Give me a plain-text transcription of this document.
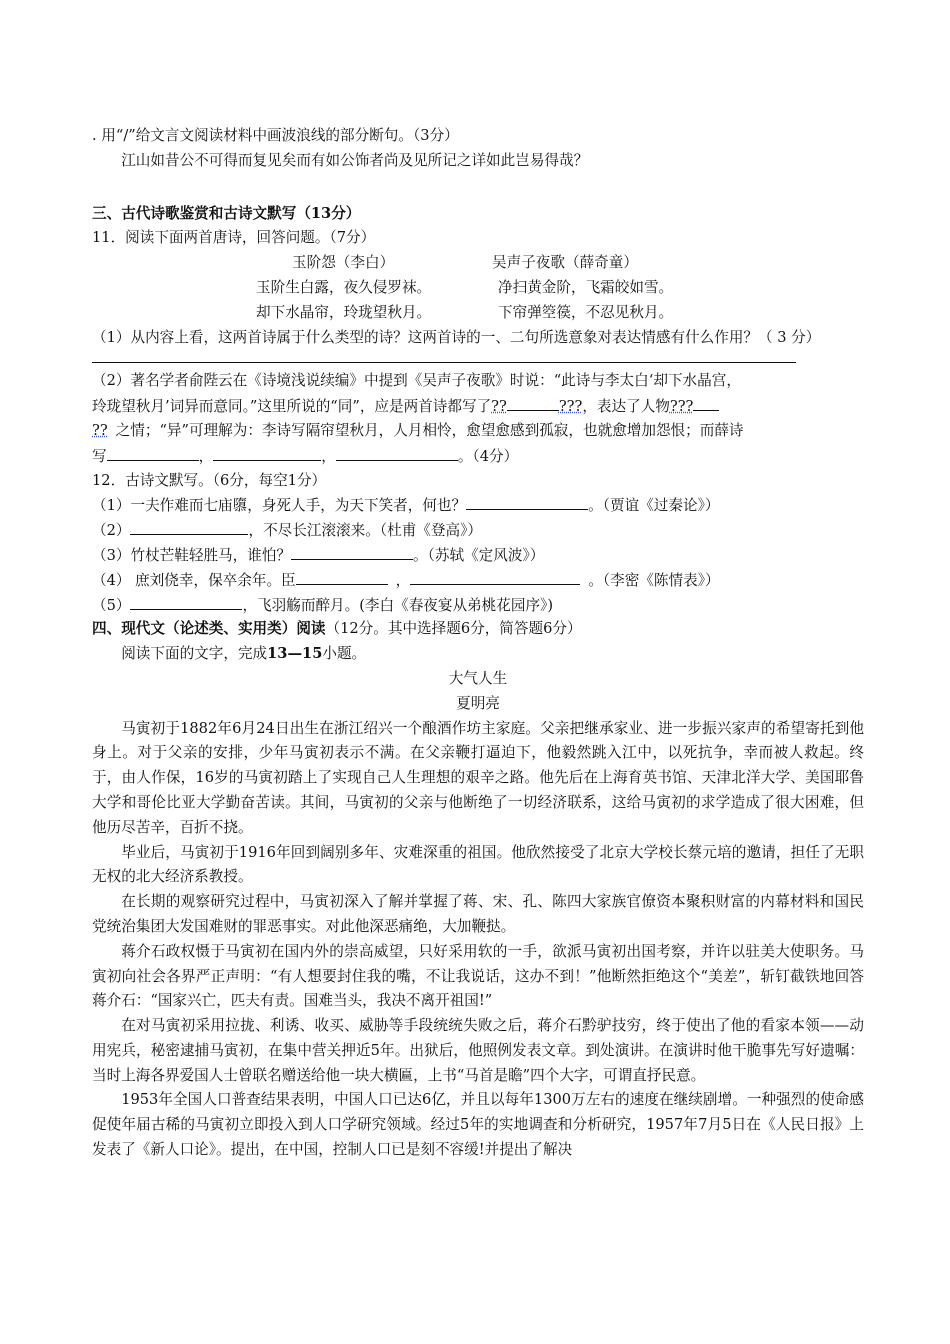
. 用“/”给文言文阅读材料中画波浪线的部分断句。（3分）
江山如昔公不可得而复见矣而有如公饰者尚及见所记之详如此岂易得哉？
三、古代诗歌鉴赏和古诗文默写（13分）
11．阅读下面两首唐诗，回答问题。（7分）
玉阶怨（李白）	吴声子夜歌（薛奇童）
玉阶生白露，夜久侵罗袜。	净扫黄金阶，飞霜皎如雪。
却下水晶帘，玲珑望秋月。	下帘弹箜篌，不忍见秋月。
（1）从内容上看，这两首诗属于什么类型的诗？这两首诗的一、二句所选意象对表达情感有什么作用？（ 3 分）
（2）著名学者俞陛云在《诗境浅说续编》中提到《吴声子夜歌》时说：“此诗与李太白‘却下水晶宫，
玲珑望秋月’词异而意同。”这里所说的“同”，应是两首诗都写了??	???，表达了人物???
?? 之情；“异”可理解为：李诗写隔帘望秋月，人月相怜，愈望愈感到孤寂，也就愈增加怨恨；而薛诗
写	，	，	。（4分）
12．古诗文默写。（6分，每空1分）
（1）一夫作难而七庙隳，身死人手，为天下笑者，何也？	。（贾谊《过秦论》）
（2）	，不尽长江滚滚来。（杜甫《登高》）
（3）竹杖芒鞋轻胜马，谁怕？	。（苏轼《定风波》）
（4） 庶刘侥幸，保卒余年。臣	，	。（李密《陈情表》）
（5）	，飞羽觞而醉月。(李白《春夜宴从弟桃花园序》)
四、现代文（论述类、实用类）阅读（12分。其中选择题6分，简答题6分）
阅读下面的文字，完成13—15小题。
大气人生
夏明亮
马寅初于1882年6月24日出生在浙江绍兴一个酿酒作坊主家庭。父亲把继承家业、进一步振兴家声的希望寄托到他身上。对于父亲的安排，少年马寅初表示不满。在父亲鞭打逼迫下，他毅然跳入江中，以死抗争，幸而被人救起。终于，由人作保，16岁的马寅初踏上了实现自己人生理想的艰辛之路。他先后在上海育英书馆、天津北洋大学、美国耶鲁大学和哥伦比亚大学勤奋苦读。其间，马寅初的父亲与他断绝了一切经济联系，这给马寅初的求学造成了很大困难，但他历尽苦辛，百折不挠。
毕业后，马寅初于1916年回到阔别多年、灾难深重的祖国。他欣然接受了北京大学校长蔡元培的邀请，担任了无职无权的北大经济系教授。
在长期的观察研究过程中，马寅初深入了解并掌握了蒋、宋、孔、陈四大家族官僚资本聚积财富的内幕材料和国民党统治集团大发国难财的罪恶事实。对此他深恶痛绝，大加鞭挞。
蒋介石政权慑于马寅初在国内外的崇高威望，只好采用软的一手，欲派马寅初出国考察，并许以驻美大使职务。马寅初向社会各界严正声明：“有人想要封住我的嘴，不让我说话，这办不到！”他断然拒绝这个“美差”，斩钉截铁地回答蒋介石：“国家兴亡，匹夫有责。国难当头，我决不离开祖国!”
在对马寅初采用拉拢、利诱、收买、威胁等手段统统失败之后，蒋介石黔驴技穷，终于使出了他的看家本领——动用宪兵，秘密逮捕马寅初，在集中营关押近5年。出狱后，他照例发表文章。到处演讲。在演讲时他干脆事先写好遗嘱：当时上海各界爱国人士曾联名赠送给他一块大横匾，上书“马首是瞻”四个大字，可谓直抒民意。
1953年全国人口普查结果表明，中国人口已达6亿，并且以每年1300万左右的速度在继续剧增。一种强烈的使命感促使年届古稀的马寅初立即投入到人口学研究领域。经过5年的实地调查和分析研究，1957年7月5日在《人民日报》上发表了《新人口论》。提出，在中国，控制人口已是刻不容缓!并提出了解决
